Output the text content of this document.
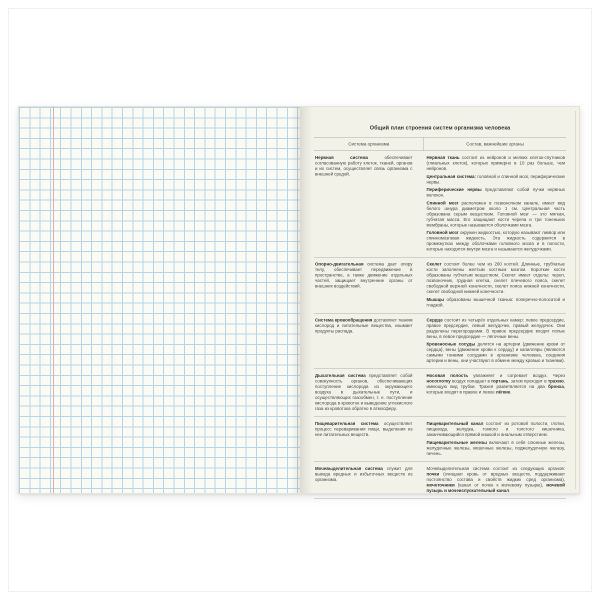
Общий план строения систем организма человека
Система организма	Состав, важнейшие органы

Нервная система обеспечивает согласованную работу клеток, тканей, органов и их систем, осуществляет связь организма с внешней средой.

Нервная ткань состоит из нейронов и мелких клеток-спутников (глиальных клеток), которых примерно в 10 раз больше, чем нейронов.

Центральная система: головной и спинной мозг, периферические нервы.

Периферические нервы представляют собой пучки нервных волокон.

Спинной мозг расположен в позвоночном канале, имеет вид белого шнура диаметром около 1 см. Центральная часть образована серым веществом. Головной мозг — это мягкая, губчатая масса. Его защищают кости черепа и три тоненьких мембраны, которые называются оболочками мозга.

Головной мозг окружен жидкостью, которую называют ликвор или спинномозговая жидкость. Эта жидкость содержится в промежутках между оболочками головного мозга и в полости, которые находятся внутри мозга и называются желудочками.

Опорно-двигательная система дает опору телу, обеспечивает передвижение в пространстве, а также движение отдельных частей, защищает внутренние органы от внешних воздействий.

Скелет состоит более чем из 200 костей. Длинные, трубчатые кости заполнены желтым костным мозгом. Короткие кости образованы губчатым веществом. Скелет имеет отделы: череп, позвоночник, грудная клетка, скелет плечевого пояса, скелет свободной верхней конечности, скелет пояса нижней конечности, скелет свободной нижней конечности.

Мышцы образованы мышечной тканью: поперечно-полосатой и гладкой.

Система кровообращения доставляет тканям кислород и питательные вещества, изымает продукты распада.

Сердце состоит из четырёх отдельных камер: левое предсердие, правое предсердие, левый желудочек, правый желудочек. Они разделены перегородками. В правое предсердие входят полые вены, в левое предсердие — лёгочные вены.

Кровеносные сосуды делятся на артерии (движение крови от сердца), вены (движение крови к сердцу) и капилляры (являются самыми тонкими сосудами в организме человека, соединяя артерии и вены, они участвуют в обмене между кровью и тканями).

Дыхательная система представляет собой совокупность органов, обеспечивающих поступление кислорода из окружающего воздуха в дыхательные пути, и осуществляющих газообмен, т. е. поступление кислорода в кровоток и выведение углекислого газа из кровотока обратно в атмосферу.

Носовая полость увлажняет и согревает воздух. Через носоглотку воздух попадает в гортань, затем проходит в трахею, имеющую вид трубки. Трахея разветвляется на два бронха, которые входят в правое и левое лёгкие.

Пищеварительная система осуществляет процесс переваривания пищи, выделения из нее питательных веществ.

Пищеварительный канал состоит из ротовой полости, глотки, пищевода, желудка, тонкого и толстого кишечника, заканчивающийся прямой кишкой и анальным отверстием.

Пищеварительные железы включают в себя слюнные железы, желудочные железы, кишечные железы, поджелудочную железу, печень.

Мочевыделительная система служит для вывода вредных и избыточных веществ из организма.

Мочевыделительная система состоит из следующих органов: почки (очищают кровь от вредных веществ, поддерживают постоянство состава и свойств жидких сред организма), мочеточники (канал от почек к мочевому пузырю), мочевой пузырь и мочеиспускательный канал.
